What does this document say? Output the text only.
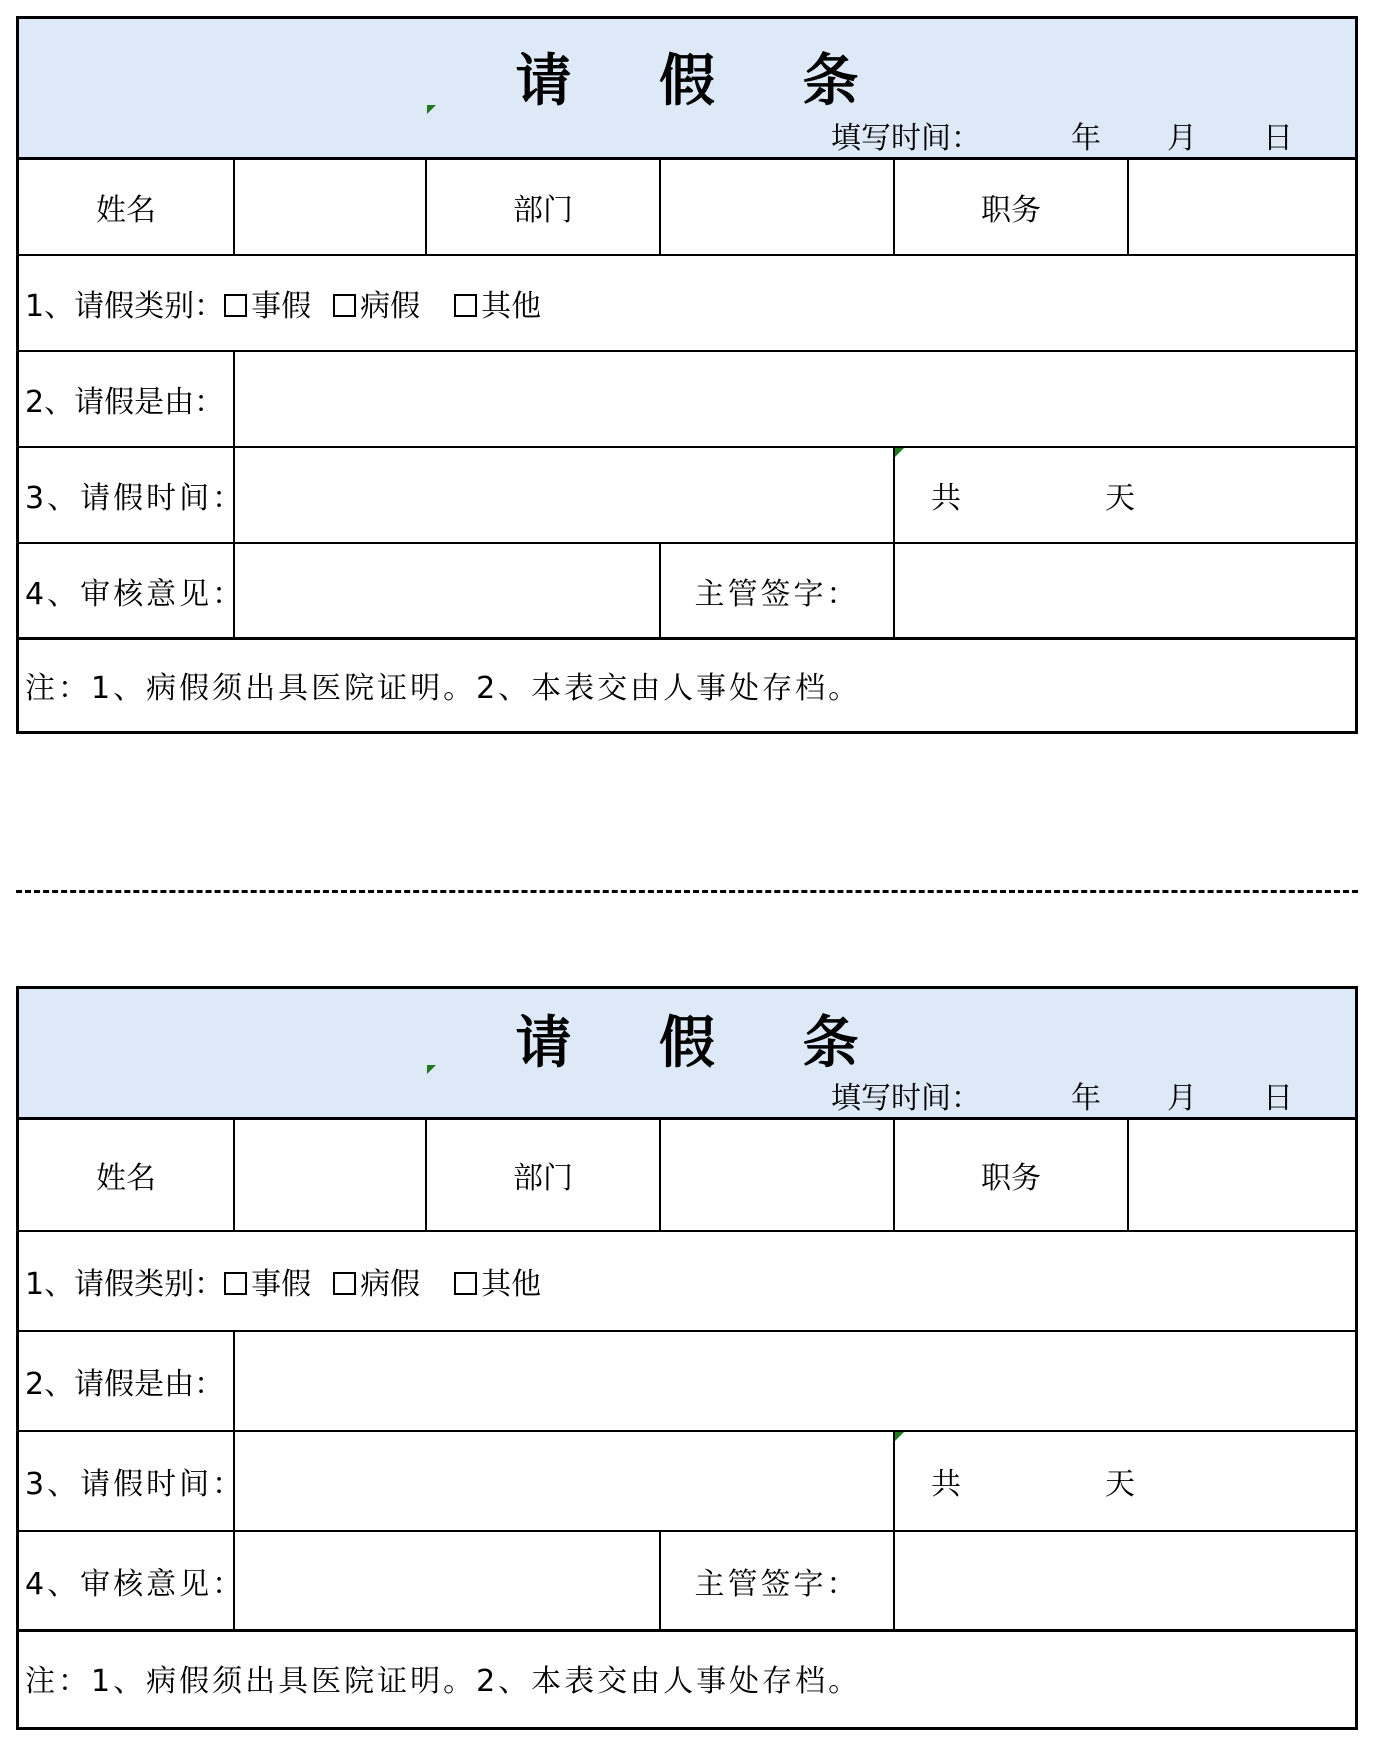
请 假 条
填写时间：	年 月 日
姓名	部门	职务
1、请假类别： 事假	病假	其他
2、请假是由：
3、请假时间：	共	天
4、审核意见：	主管签字：
注：1、病假须出具医院证明。2、本表交由人事处存档。
请 假 条
填写时间：	年 月 日
姓名	部门	职务
1、请假类别： 事假	病假	其他
2、请假是由：
3、请假时间：	共	天
4、审核意见：	主管签字：
注：1、病假须出具医院证明。2、本表交由人事处存档。
